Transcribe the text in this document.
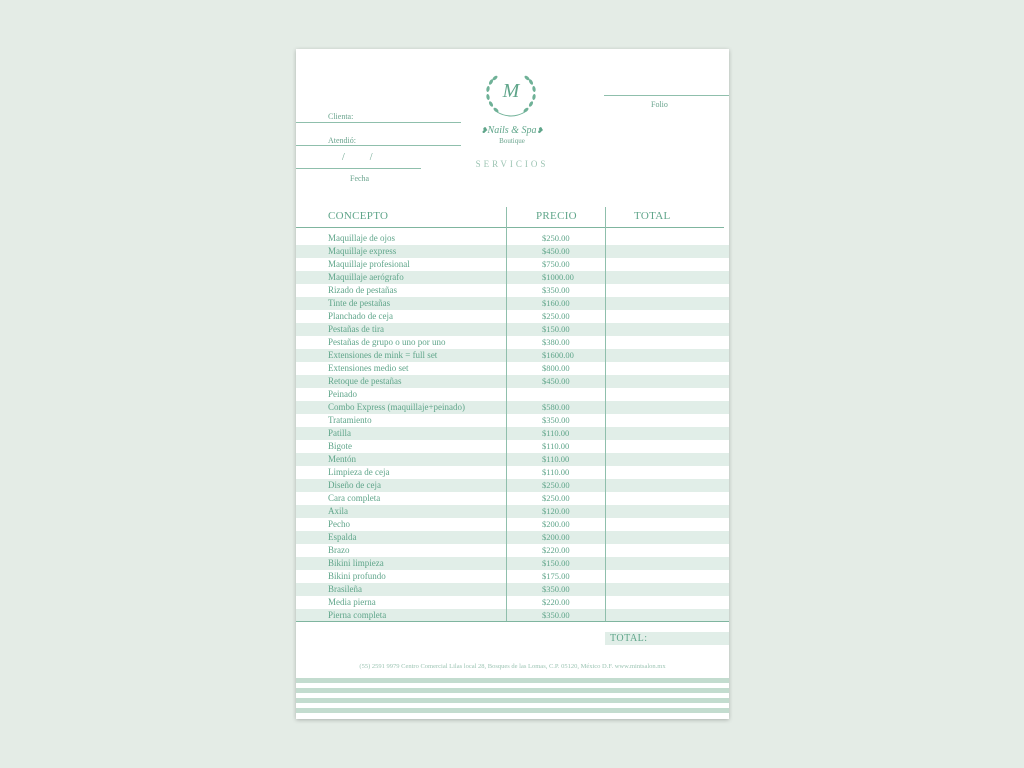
M
❥Nails & Spa❥
Boutique
SERVICIOS
Folio
Clienta:
Atendió:
/          /
Fecha
CONCEPTO	PRECIO	TOTAL
Maquillaje de ojos	$250.00
Maquillaje express	$450.00
Maquillaje profesional	$750.00
Maquillaje aerógrafo	$1000.00
Rizado de pestañas	$350.00
Tinte de pestañas	$160.00
Planchado de ceja	$250.00
Pestañas de tira	$150.00
Pestañas de grupo o uno por uno	$380.00
Extensiones de mink = full set	$1600.00
Extensiones medio set	$800.00
Retoque de pestañas	$450.00
Peinado
Combo Express (maquillaje+peinado)	$580.00
Tratamiento	$350.00
Patilla	$110.00
Bigote	$110.00
Mentón	$110.00
Limpieza de ceja	$110.00
Diseño de ceja	$250.00
Cara completa	$250.00
Axila	$120.00
Pecho	$200.00
Espalda	$200.00
Brazo	$220.00
Bikini limpieza	$150.00
Bikini profundo	$175.00
Brasileña	$350.00
Media pierna	$220.00
Pierna completa	$350.00
TOTAL:
(55) 2591 9979 Centro Comercial Lilas local 28, Bosques de las Lomas, C.P. 05120, México D.F. www.mintsalon.mx
